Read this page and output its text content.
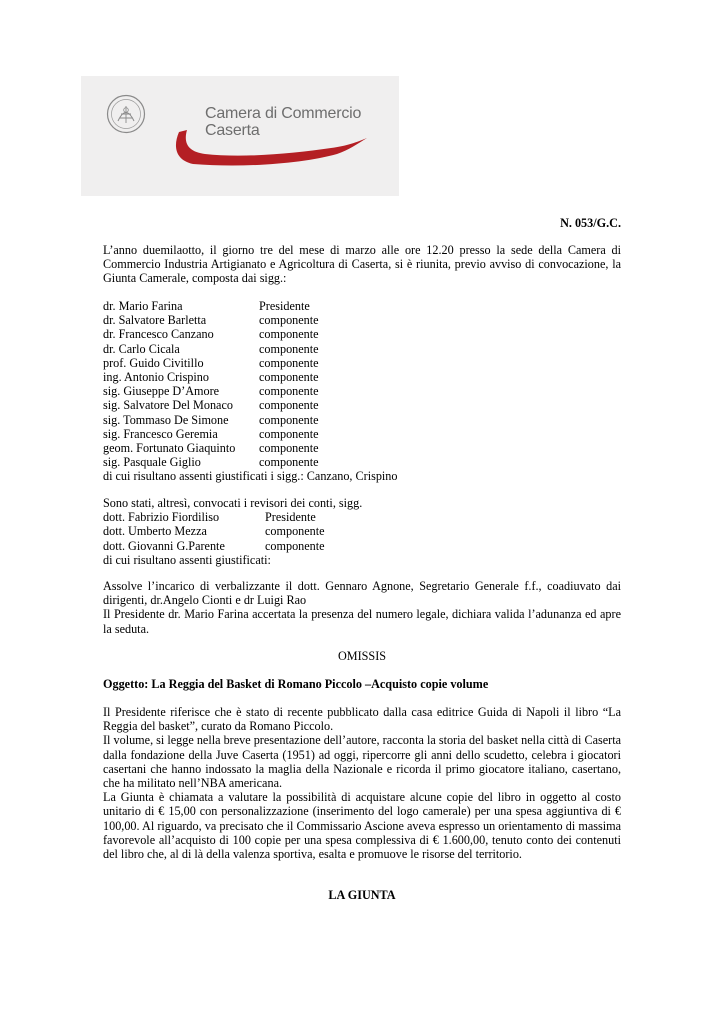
Camera di Commercio
Caserta
N. 053/G.C.

L’anno duemilaotto, il giorno tre del mese di marzo alle ore 12.20 presso la sede della Camera di Commercio Industria Artigianato e Agricoltura di Caserta, si è riunita, previo avviso di convocazione, la Giunta Camerale, composta dai sigg.:

dr. Mario Farina	Presidente
dr. Salvatore Barletta	componente
dr. Francesco Canzano	componente
dr. Carlo Cicala	componente
prof. Guido Civitillo	componente
ing. Antonio Crispino	componente
sig. Giuseppe D’Amore	componente
sig. Salvatore Del Monaco	componente
sig. Tommaso De Simone	componente
sig. Francesco Geremia	componente
geom. Fortunato Giaquinto	componente
sig. Pasquale Giglio	componente
di cui risultano assenti giustificati i sigg.: Canzano, Crispino
Sono stati, altresì, convocati i revisori dei conti, sigg.
dott. Fabrizio Fiordiliso	Presidente
dott. Umberto Mezza	componente
dott. Giovanni G.Parente	componente
di cui risultano assenti giustificati:

Assolve l’incarico di verbalizzante il dott. Gennaro Agnone, Segretario Generale f.f., coadiuvato dai dirigenti, dr.Angelo Cionti e dr Luigi Rao

Il Presidente dr. Mario Farina accertata la presenza del numero legale, dichiara valida l’adunanza ed apre la seduta.

OMISSIS
Oggetto: La Reggia del Basket di Romano Piccolo –Acquisto copie volume

Il Presidente riferisce che è stato di recente pubblicato dalla casa editrice Guida di Napoli il libro “La Reggia del basket”, curato da Romano Piccolo.

Il volume, si legge nella breve presentazione dell’autore, racconta la storia del basket nella città di Caserta dalla fondazione della Juve Caserta (1951) ad oggi, ripercorre gli anni dello scudetto, celebra i giocatori casertani che hanno indossato la maglia della Nazionale e ricorda il primo giocatore italiano, casertano, che ha militato nell’NBA americana.

La Giunta è chiamata a valutare la possibilità di acquistare alcune copie del libro in oggetto al costo unitario di € 15,00 con personalizzazione (inserimento del logo camerale) per una spesa aggiuntiva di € 100,00. Al riguardo, va precisato che il Commissario Ascione aveva espresso un orientamento di massima favorevole all’acquisto di 100 copie per una spesa complessiva di € 1.600,00, tenuto conto dei contenuti del libro che, al di là della valenza sportiva, esalta e promuove le risorse del territorio.

LA GIUNTA
